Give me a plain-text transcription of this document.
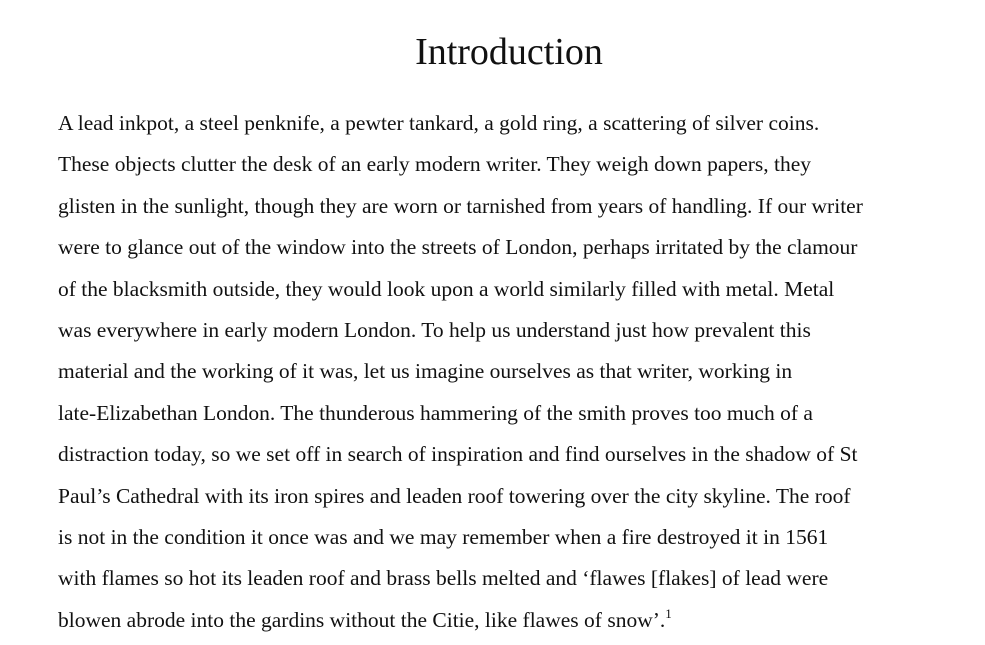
Introduction

A lead inkpot, a steel penknife, a pewter tankard, a gold ring, a scattering of silver coins.
These objects clutter the desk of an early modern writer. They weigh down papers, they
glisten in the sunlight, though they are worn or tarnished from years of handling. If our writer
were to glance out of the window into the streets of London, perhaps irritated by the clamour
of the blacksmith outside, they would look upon a world similarly filled with metal. Metal
was everywhere in early modern London. To help us understand just how prevalent this
material and the working of it was, let us imagine ourselves as that writer, working in
late-Elizabethan London. The thunderous hammering of the smith proves too much of a
distraction today, so we set off in search of inspiration and find ourselves in the shadow of St
Paul’s Cathedral with its iron spires and leaden roof towering over the city skyline. The roof
is not in the condition it once was and we may remember when a fire destroyed it in 1561
with flames so hot its leaden roof and brass bells melted and ‘flawes [flakes] of lead were
blowen abrode into the gardins without the Citie, like flawes of snow’.$^1$
